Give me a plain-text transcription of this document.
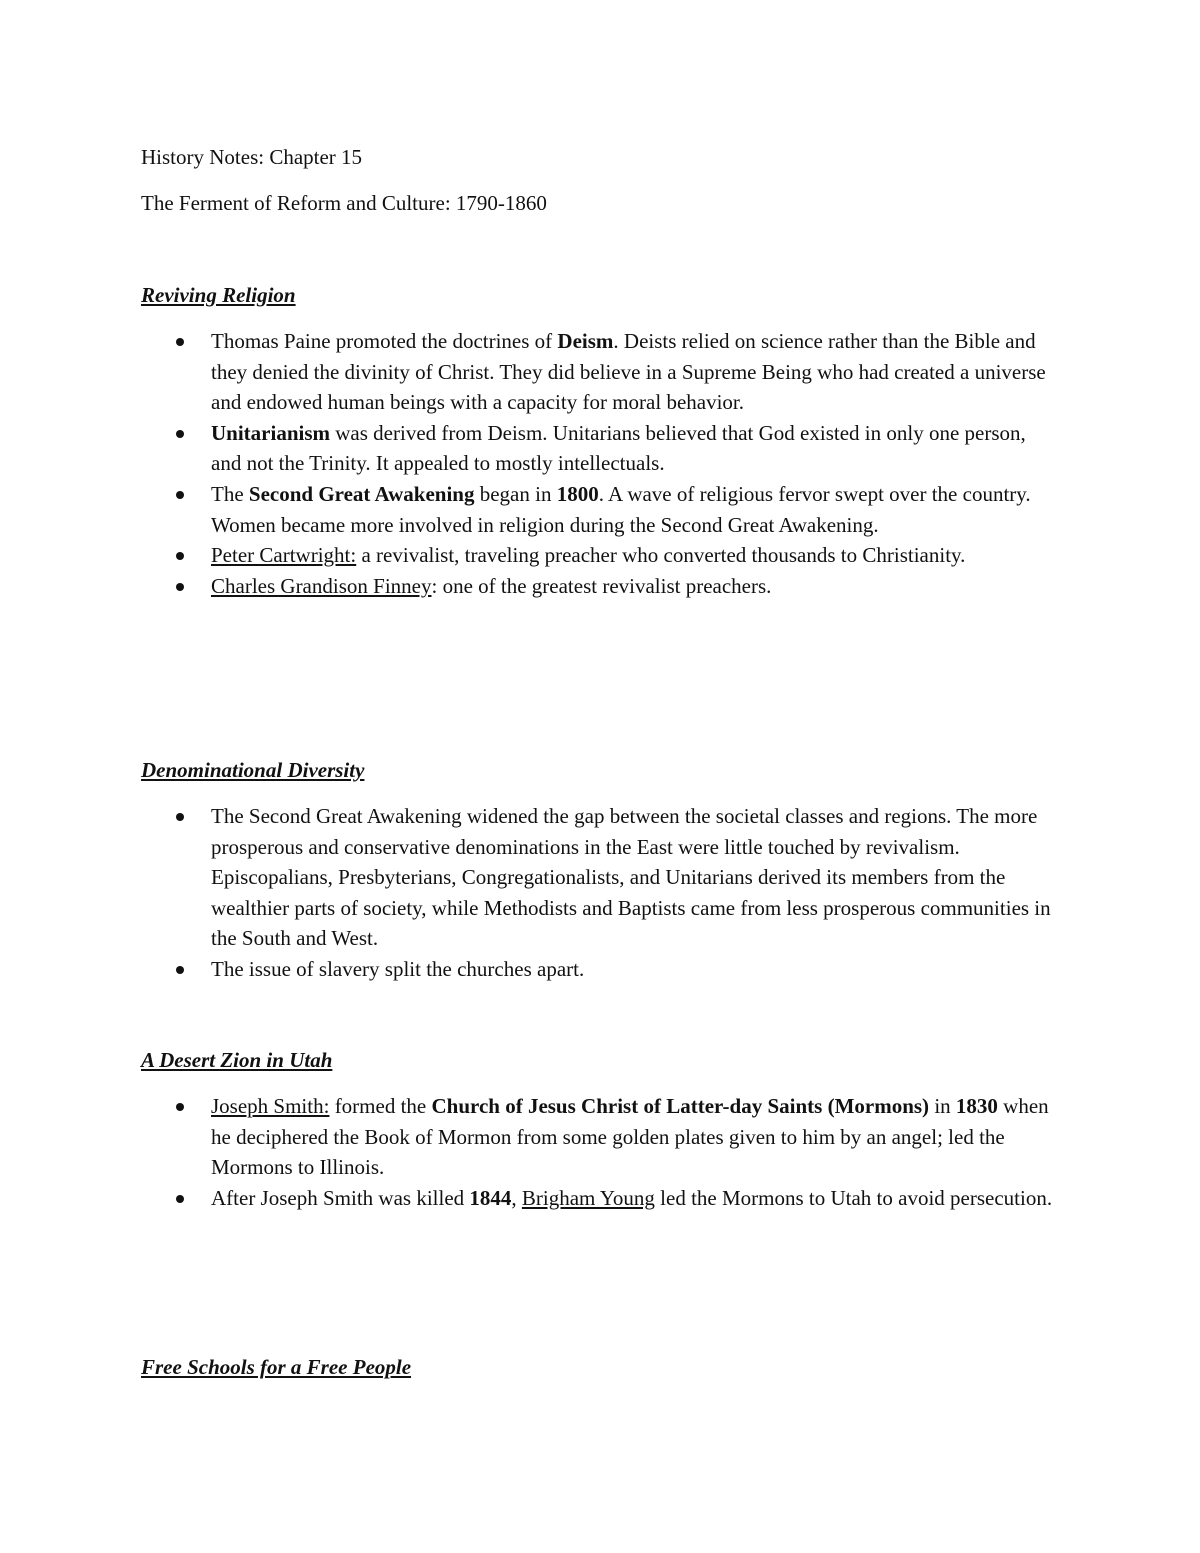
History Notes: Chapter 15
The Ferment of Reform and Culture: 1790-1860
Reviving Religion
Thomas Paine promoted the doctrines of Deism. Deists relied on science rather than the Bible and they denied the divinity of Christ. They did believe in a Supreme Being who had created a universe and endowed human beings with a capacity for moral behavior.
Unitarianism was derived from Deism. Unitarians believed that God existed in only one person, and not the Trinity. It appealed to mostly intellectuals.
The Second Great Awakening began in 1800. A wave of religious fervor swept over the country. Women became more involved in religion during the Second Great Awakening.
Peter Cartwright: a revivalist, traveling preacher who converted thousands to Christianity.
Charles Grandison Finney: one of the greatest revivalist preachers.
Denominational Diversity
The Second Great Awakening widened the gap between the societal classes and regions. The more prosperous and conservative denominations in the East were little touched by revivalism. Episcopalians, Presbyterians, Congregationalists, and Unitarians derived its members from the wealthier parts of society, while Methodists and Baptists came from less prosperous communities in the South and West.
The issue of slavery split the churches apart.
A Desert Zion in Utah
Joseph Smith: formed the Church of Jesus Christ of Latter-day Saints (Mormons) in 1830 when he deciphered the Book of Mormon from some golden plates given to him by an angel; led the Mormons to Illinois.
After Joseph Smith was killed 1844, Brigham Young led the Mormons to Utah to avoid persecution.
Free Schools for a Free People
